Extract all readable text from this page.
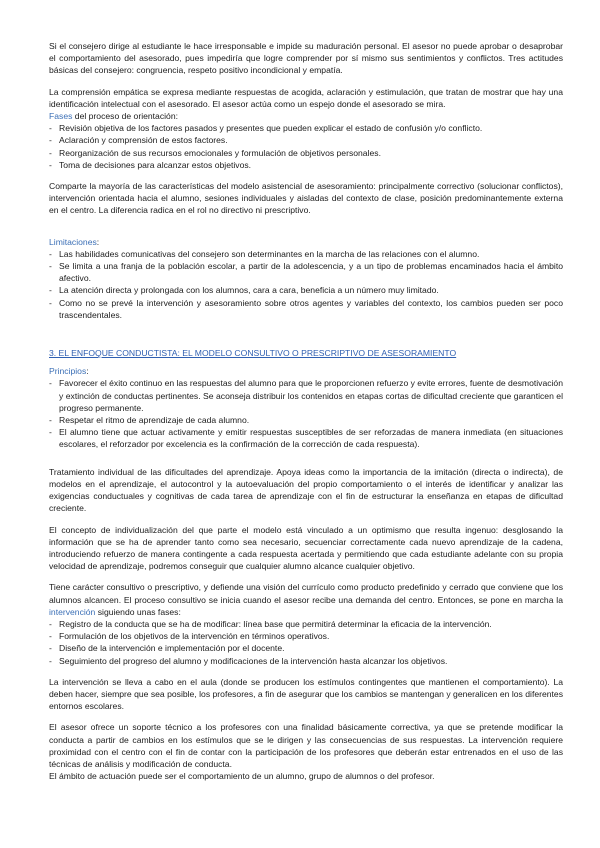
Si el consejero dirige al estudiante le hace irresponsable e impide su maduración personal. El asesor no puede aprobar o desaprobar el comportamiento del asesorado, pues impediría que logre comprender por sí mismo sus sentimientos y conflictos. Tres actitudes básicas del consejero: congruencia, respeto positivo incondicional y empatía.

La comprensión empática se expresa mediante respuestas de acogida, aclaración y estimulación, que tratan de mostrar que hay una identificación intelectual con el asesorado. El asesor actúa como un espejo donde el asesorado se mira.

Fases del proceso de orientación:
- Revisión objetiva de los factores pasados y presentes que pueden explicar el estado de confusión y/o conflicto.
- Aclaración y comprensión de estos factores.
- Reorganización de sus recursos emocionales y formulación de objetivos personales.
- Toma de decisiones para alcanzar estos objetivos.

Comparte la mayoría de las características del modelo asistencial de asesoramiento: principalmente correctivo (solucionar conflictos), intervención orientada hacia el alumno, sesiones individuales y aisladas del contexto de clase, posición predominantemente externa en el centro. La diferencia radica en el rol no directivo ni prescriptivo.

Limitaciones:
- Las habilidades comunicativas del consejero son determinantes en la marcha de las relaciones con el alumno.
- Se limita a una franja de la población escolar, a partir de la adolescencia, y a un tipo de problemas encaminados hacia el ámbito afectivo.
- La atención directa y prolongada con los alumnos, cara a cara, beneficia a un número muy limitado.
- Como no se prevé la intervención y asesoramiento sobre otros agentes y variables del contexto, los cambios pueden ser poco trascendentales.
3. EL ENFOQUE CONDUCTISTA: EL MODELO CONSULTIVO O PRESCRIPTIVO DE ASESORAMIENTO
Principios:
- Favorecer el éxito continuo en las respuestas del alumno para que le proporcionen refuerzo y evite errores, fuente de desmotivación y extinción de conductas pertinentes. Se aconseja distribuir los contenidos en etapas cortas de dificultad creciente que garanticen el progreso permanente.
- Respetar el ritmo de aprendizaje de cada alumno.
- El alumno tiene que actuar activamente y emitir respuestas susceptibles de ser reforzadas de manera inmediata (en situaciones escolares, el reforzador por excelencia es la confirmación de la corrección de cada respuesta).

Tratamiento individual de las dificultades del aprendizaje. Apoya ideas como la importancia de la imitación (directa o indirecta), de modelos en el aprendizaje, el autocontrol y la autoevaluación del propio comportamiento o el interés de identificar y analizar las exigencias conductuales y cognitivas de cada tarea de aprendizaje con el fin de estructurar la enseñanza en etapas de dificultad creciente.

El concepto de individualización del que parte el modelo está vinculado a un optimismo que resulta ingenuo: desglosando la información que se ha de aprender tanto como sea necesario, secuenciar correctamente cada nuevo aprendizaje de la cadena, introduciendo refuerzo de manera contingente a cada respuesta acertada y permitiendo que cada estudiante adelante con su propia velocidad de aprendizaje, podremos conseguir que cualquier alumno alcance cualquier objetivo.

Tiene carácter consultivo o prescriptivo, y defiende una visión del currículo como producto predefinido y cerrado que conviene que los alumnos alcancen. El proceso consultivo se inicia cuando el asesor recibe una demanda del centro. Entonces, se pone en marcha la intervención siguiendo unas fases:

- Registro de la conducta que se ha de modificar: línea base que permitirá determinar la eficacia de la intervención.
- Formulación de los objetivos de la intervención en términos operativos.
- Diseño de la intervención e implementación por el docente.
- Seguimiento del progreso del alumno y modificaciones de la intervención hasta alcanzar los objetivos.

La intervención se lleva a cabo en el aula (donde se producen los estímulos contingentes que mantienen el comportamiento). La deben hacer, siempre que sea posible, los profesores, a fin de asegurar que los cambios se mantengan y generalicen en los diferentes entornos escolares.

El asesor ofrece un soporte técnico a los profesores con una finalidad básicamente correctiva, ya que se pretende modificar la conducta a partir de cambios en los estímulos que se le dirigen y las consecuencias de sus respuestas. La intervención requiere proximidad con el centro con el fin de contar con la participación de los profesores que deberán estar entrenados en el uso de las técnicas de análisis y modificación de conducta.

El ámbito de actuación puede ser el comportamiento de un alumno, grupo de alumnos o del profesor.
